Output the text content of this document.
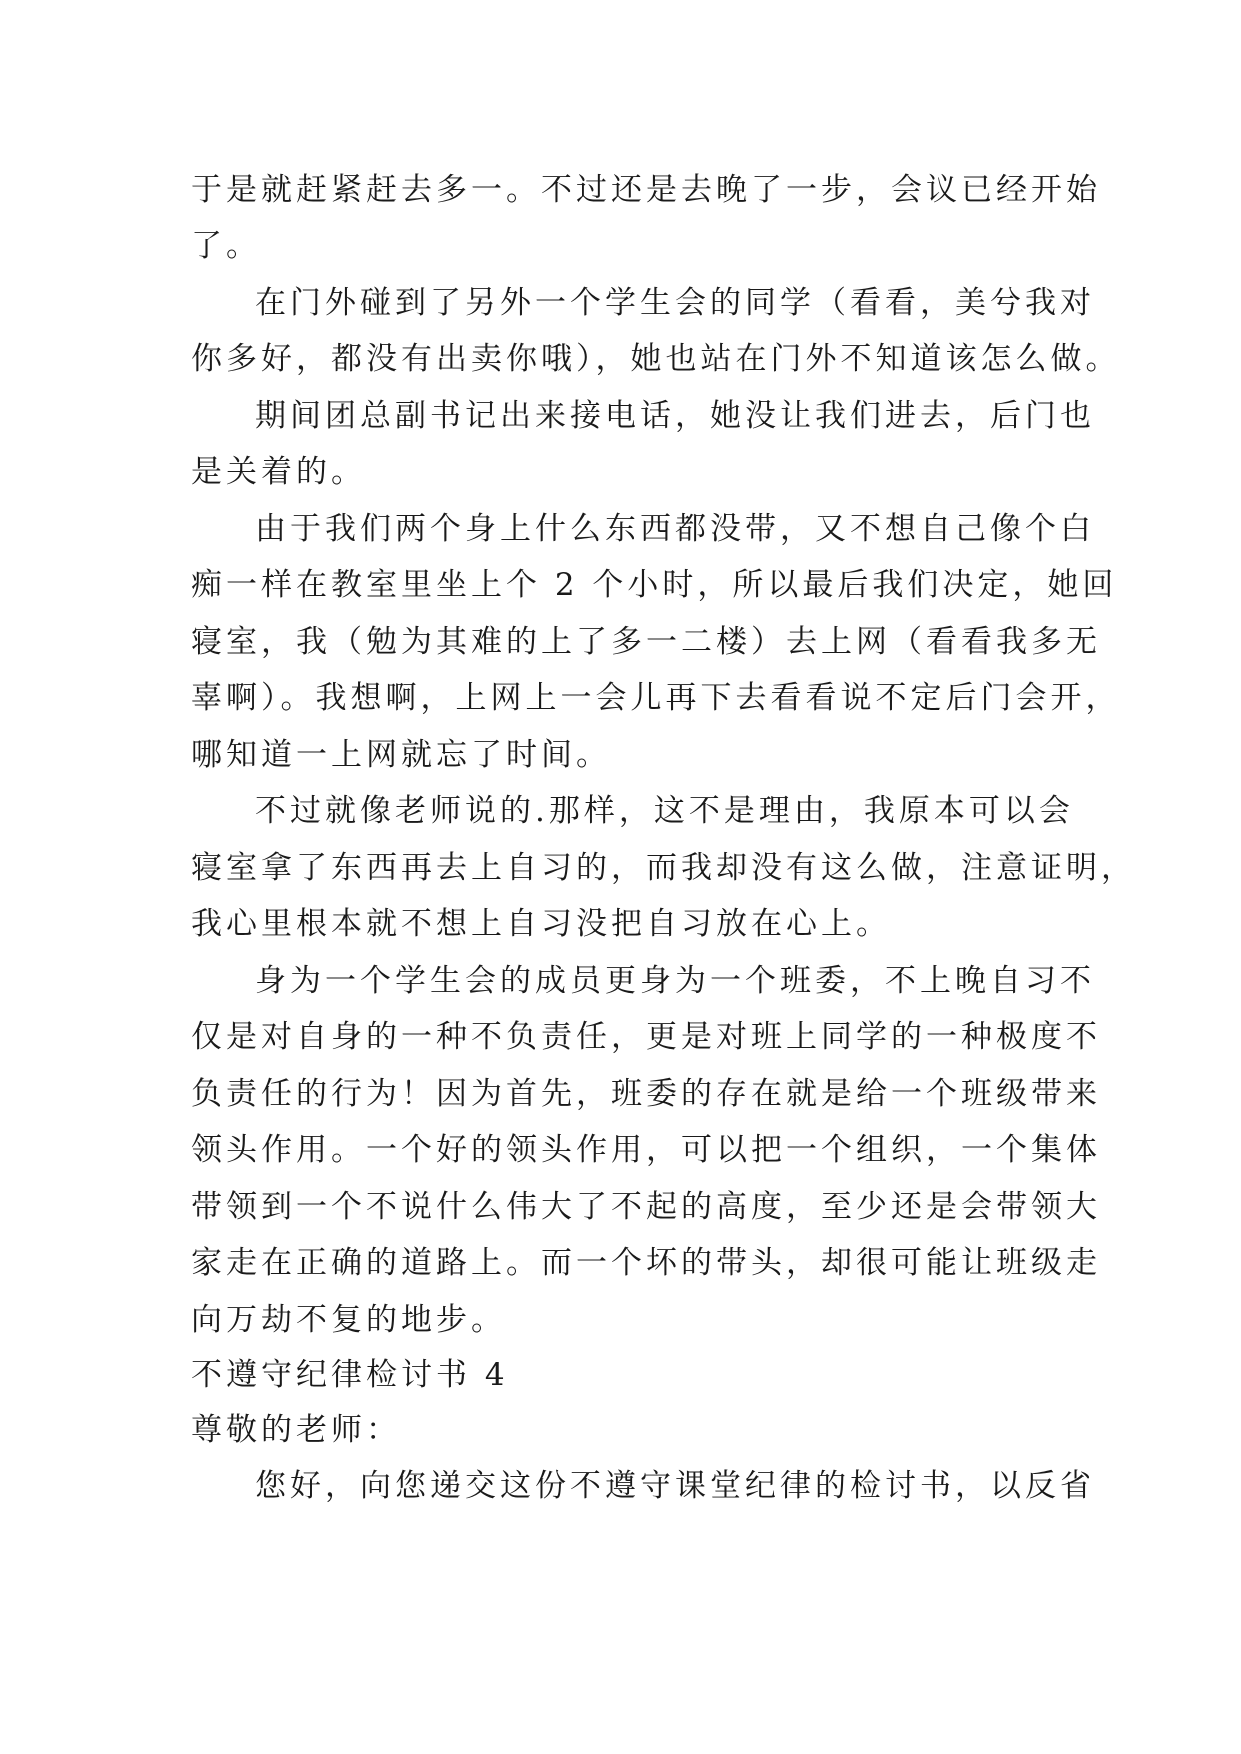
于是就赶紧赶去多一。不过还是去晚了一步，会议已经开始
了。
在门外碰到了另外一个学生会的同学（看看，美兮我对
你多好，都没有出卖你哦），她也站在门外不知道该怎么做。
期间团总副书记出来接电话，她没让我们进去，后门也
是关着的。
由于我们两个身上什么东西都没带，又不想自己像个白
痴一样在教室里坐上个 2 个小时，所以最后我们决定，她回
寝室，我（勉为其难的上了多一二楼）去上网（看看我多无
辜啊）。我想啊，上网上一会儿再下去看看说不定后门会开，
哪知道一上网就忘了时间。
不过就像老师说的.那样，这不是理由，我原本可以会
寝室拿了东西再去上自习的，而我却没有这么做，注意证明，
我心里根本就不想上自习没把自习放在心上。
身为一个学生会的成员更身为一个班委，不上晚自习不
仅是对自身的一种不负责任，更是对班上同学的一种极度不
负责任的行为！因为首先，班委的存在就是给一个班级带来
领头作用。一个好的领头作用，可以把一个组织，一个集体
带领到一个不说什么伟大了不起的高度，至少还是会带领大
家走在正确的道路上。而一个坏的带头，却很可能让班级走
向万劫不复的地步。
不遵守纪律检讨书 4
尊敬的老师：
您好，向您递交这份不遵守课堂纪律的检讨书，以反省
